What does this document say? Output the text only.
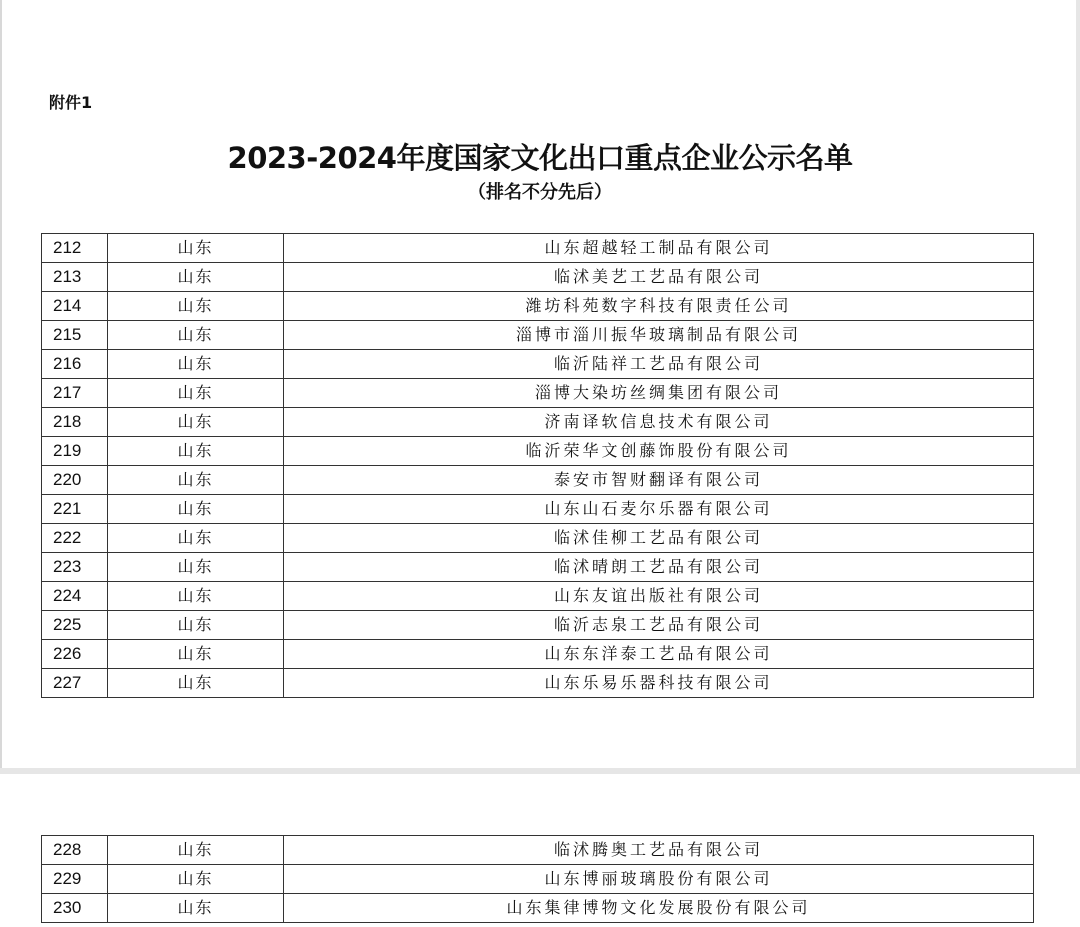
附件1
2023-2024年度国家文化出口重点企业公示名单
（排名不分先后）
212	山东	山东超越轻工制品有限公司
213	山东	临沭美艺工艺品有限公司
214	山东	潍坊科苑数字科技有限责任公司
215	山东	淄博市淄川振华玻璃制品有限公司
216	山东	临沂陆祥工艺品有限公司
217	山东	淄博大染坊丝绸集团有限公司
218	山东	济南译软信息技术有限公司
219	山东	临沂荣华文创藤饰股份有限公司
220	山东	泰安市智财翻译有限公司
221	山东	山东山石麦尔乐器有限公司
222	山东	临沭佳柳工艺品有限公司
223	山东	临沭晴朗工艺品有限公司
224	山东	山东友谊出版社有限公司
225	山东	临沂志泉工艺品有限公司
226	山东	山东东洋泰工艺品有限公司
227	山东	山东乐易乐器科技有限公司
228	山东	临沭腾奥工艺品有限公司
229	山东	山东博丽玻璃股份有限公司
230	山东	山东集律博物文化发展股份有限公司
